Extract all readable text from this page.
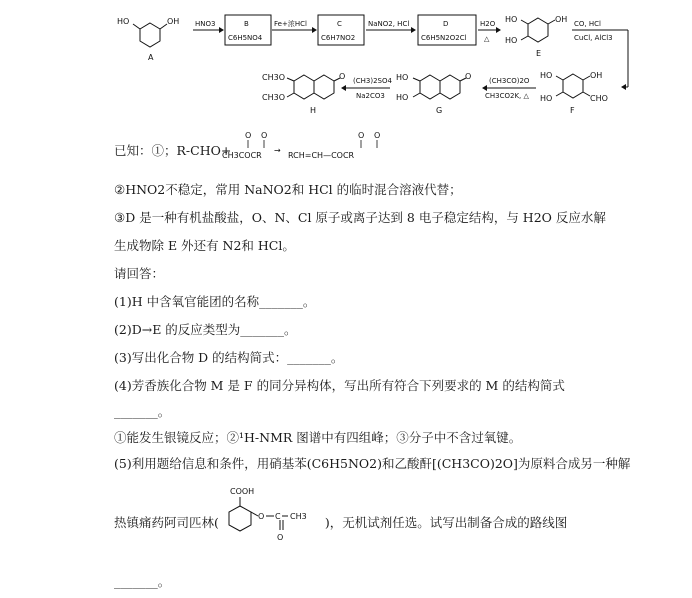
HO	OH
A
HNO3	B
C6H5NO4
Fe+浓HCl	C
C6H7NO2
NaNO2, HCl	D
C6H5N2O2Cl
H2O
△
HO	OH
HO
E
CO, HCl
CuCl, AlCl3
HO	OH
HO	CHO
F
(CH3CO)2O
CH3CO2K, △
HO
HO
O
G
(CH3)2SO4
Na2CO3
CH3O
CH3O
O
H
已知：①；R-CHO+
O O
CH3COCR
→
O O
RCH=CH—COCR
②HNO2不稳定，常用 NaNO2和 HCl 的临时混合溶液代替；
③D 是一种有机盐酸盐，O、N、Cl 原子或离子达到 8 电子稳定结构，与 H2O 反应水解
生成物除 E 外还有 N2和 HCl。
请回答：
(1)H 中含氧官能团的名称_______。
(2)D→E 的反应类型为_______。
(3)写出化合物 D 的结构简式：_______。
(4)芳香族化合物 M 是 F 的同分异构体，写出所有符合下列要求的 M 的结构简式
_______。
①能发生银镜反应；②¹H-NMR 图谱中有四组峰；③分子中不含过氧键。
(5)利用题给信息和条件，用硝基苯(C6H5NO2)和乙酸酐[(CH3CO)2O]为原料合成另一种解
热镇痛药阿司匹林(	)，无机试剂任选。试写出制备合成的路线图
COOH
O C CH3
O
_______。
